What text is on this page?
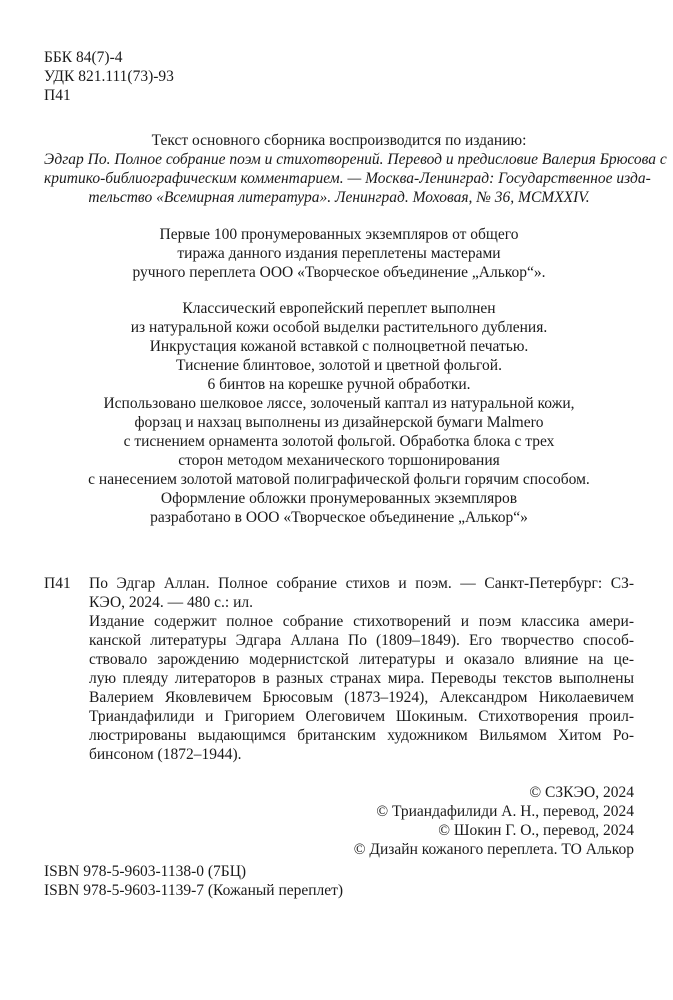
ББК 84(7)-4
УДК 821.111(73)-93
П41
Текст основного сборника воспроизводится по изданию:
Эдгар По. Полное собрание поэм и стихотворений. Перевод и предисловие Валерия Брюсова с
критико-библиографическим комментарием. — Москва-Ленинград: Государственное изда-
тельство «Всемирная литература». Ленинград. Моховая, № 36, MCMXXIV.
Первые 100 пронумерованных экземпляров от общего
тиража данного издания переплетены мастерами
ручного переплета ООО «Творческое объединение „Алькор“».
Классический европейский переплет выполнен
из натуральной кожи особой выделки растительного дубления.
Инкрустация кожаной вставкой с полноцветной печатью.
Тиснение блинтовое, золотой и цветной фольгой.
6 бинтов на корешке ручной обработки.
Использовано шелковое ляссе, золоченый каптал из натуральной кожи,
форзац и нахзац выполнены из дизайнерской бумаги Malmero
с тиснением орнамента золотой фольгой. Обработка блока с трех
сторон методом механического торшонирования
с нанесением золотой матовой полиграфической фольги горячим способом.
Оформление обложки пронумерованных экземпляров
разработано в ООО «Творческое объединение „Алькор“»
П41 По Эдгар Аллан. Полное собрание стихов и поэм. — Санкт-Петербург: СЗ-
КЭО, 2024. — 480 с.: ил.
Издание содержит полное собрание стихотворений и поэм классика амери-
канской литературы Эдгара Аллана По (1809–1849). Его творчество способ-
ствовало зарождению модернистской литературы и оказало влияние на це-
лую плеяду литераторов в разных странах мира. Переводы текстов выполнены
Валерием Яковлевичем Брюсовым (1873–1924), Александром Николаевичем
Триандафилиди и Григорием Олеговичем Шокиным. Стихотворения проил-
люстрированы выдающимся британским художником Вильямом Хитом Ро-
бинсоном (1872–1944).
© СЗКЭО, 2024
© Триандафилиди А. Н., перевод, 2024
© Шокин Г. О., перевод, 2024
© Дизайн кожаного переплета. ТО Алькор
ISBN 978-5-9603-1138-0 (7БЦ)
ISBN 978-5-9603-1139-7 (Кожаный переплет)
